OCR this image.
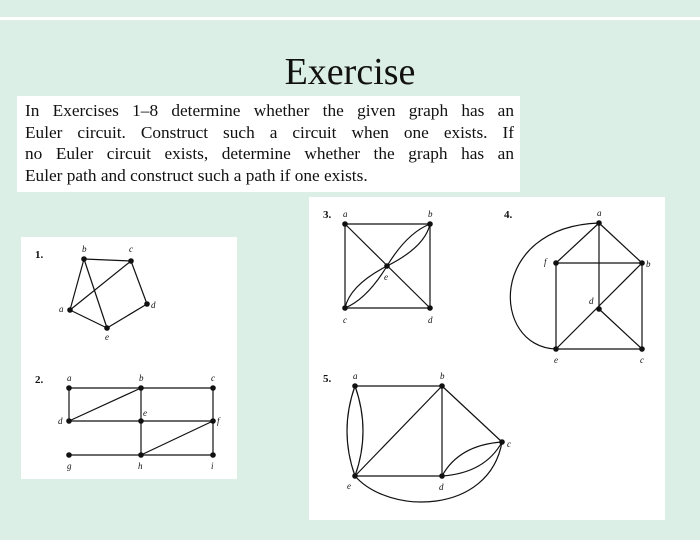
Exercise
In Exercises 1–8 determine whether the given graph has an
Euler circuit. Construct such a circuit when one exists. If
no Euler circuit exists, determine whether the graph has an
Euler path and construct such a path if one exists.
1.	b	c
a	d
e
2.	a	b	c
d
e
f
g	h	i
3. a	b
c	d
e
4.	a
b
f
d
e	c
5. a	b
c
d
e
